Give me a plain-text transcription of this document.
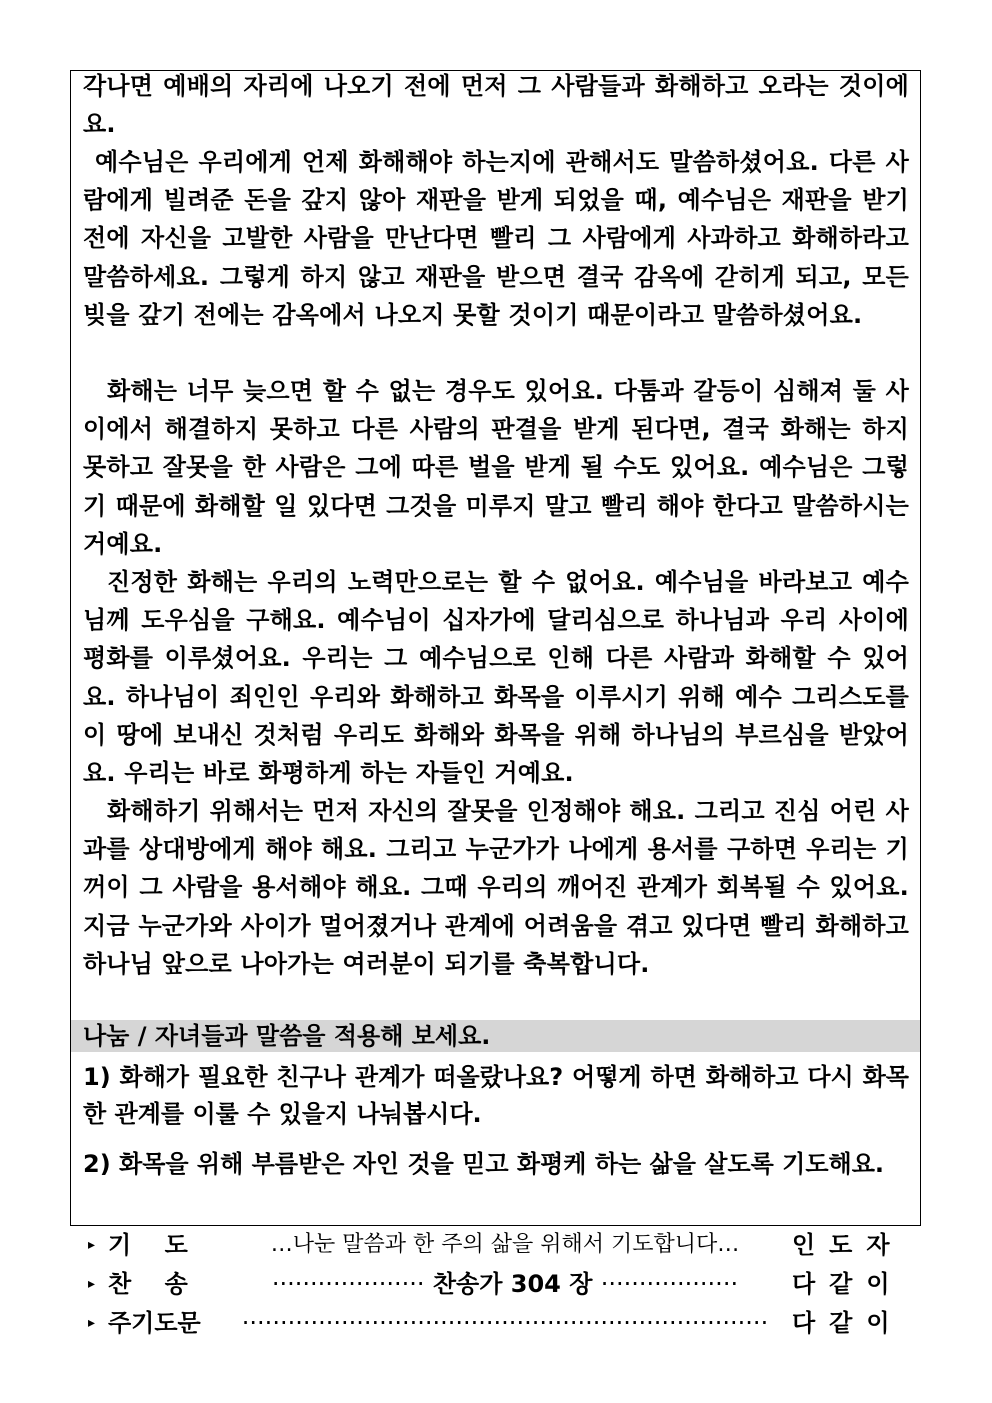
각나면 예배의 자리에 나오기 전에 먼저 그 사람들과 화해하고 오라는 것이에요.

예수님은 우리에게 언제 화해해야 하는지에 관해서도 말씀하셨어요. 다른 사람에게 빌려준 돈을 갚지 않아 재판을 받게 되었을 때, 예수님은 재판을 받기 전에 자신을 고발한 사람을 만난다면 빨리 그 사람에게 사과하고 화해하라고 말씀하세요. 그렇게 하지 않고 재판을 받으면 결국 감옥에 갇히게 되고, 모든 빚을 갚기 전에는 감옥에서 나오지 못할 것이기 때문이라고 말씀하셨어요.

화해는 너무 늦으면 할 수 없는 경우도 있어요. 다툼과 갈등이 심해져 둘 사이에서 해결하지 못하고 다른 사람의 판결을 받게 된다면, 결국 화해는 하지 못하고 잘못을 한 사람은 그에 따른 벌을 받게 될 수도 있어요. 예수님은 그렇기 때문에 화해할 일 있다면 그것을 미루지 말고 빨리 해야 한다고 말씀하시는 거예요.

진정한 화해는 우리의 노력만으로는 할 수 없어요. 예수님을 바라보고 예수님께 도우심을 구해요. 예수님이 십자가에 달리심으로 하나님과 우리 사이에 평화를 이루셨어요. 우리는 그 예수님으로 인해 다른 사람과 화해할 수 있어요. 하나님이 죄인인 우리와 화해하고 화목을 이루시기 위해 예수 그리스도를 이 땅에 보내신 것처럼 우리도 화해와 화목을 위해 하나님의 부르심을 받았어요. 우리는 바로 화평하게 하는 자들인 거예요.

화해하기 위해서는 먼저 자신의 잘못을 인정해야 해요. 그리고 진심 어린 사과를 상대방에게 해야 해요. 그리고 누군가가 나에게 용서를 구하면 우리는 기꺼이 그 사람을 용서해야 해요. 그때 우리의 깨어진 관계가 회복될 수 있어요. 지금 누군가와 사이가 멀어졌거나 관계에 어려움을 겪고 있다면 빨리 화해하고 하나님 앞으로 나아가는 여러분이 되기를 축복합니다.

나눔 / 자녀들과 말씀을 적용해 보세요.

1) 화해가 필요한 친구나 관계가 떠올랐나요? 어떻게 하면 화해하고 다시 화목한 관계를 이룰 수 있을지 나눠봅시다.

2) 화목을 위해 부름받은 자인 것을 믿고 화평케 하는 삶을 살도록 기도해요.

▸ 기    도	…나눈 말씀과 한 주의 삶을 위해서 기도합니다…	인도자
▸ 찬    송	···················· 찬송가 304 장 ··················	다같이
▸ 주기도문	····································································· 다같이
